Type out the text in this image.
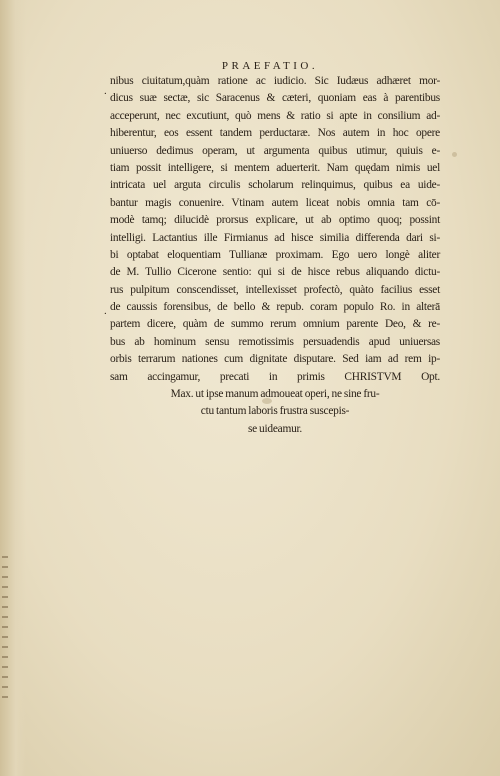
PRAEFATIO.
.
.
nibus ciuitatum,quàm ratione ac iudicio. Sic Iudæus adhæret mor-
dicus suæ sectæ, sic Saracenus & cæteri, quoniam eas à parentibus
acceperunt, nec excutiunt, quò mens & ratio si apte in consilium ad-
hiberentur, eos essent tandem perductaræ. Nos autem in hoc opere
uniuerso dedimus operam, ut argumenta quibus utimur, quiuis e-
tiam possit intelligere, si mentem aduerterit. Nam quędam nimis uel
intricata uel arguta circulis scholarum relinquimus, quibus ea uide-
bantur magis conuenire. Vtinam autem liceat nobis omnia tam cō-
modè tamq; dilucidè prorsus explicare, ut ab optimo quoq; possint
intelligi. Lactantius ille Firmianus ad hisce similia differenda dari si-
bi optabat eloquentiam Tullianæ proximam. Ego uero longè aliter
de M. Tullio Cicerone sentio: qui si de hisce rebus aliquando dictu-
rus pulpitum conscendisset, intellexisset profectò, quàto facilius esset
de caussis forensibus, de bello & repub. coram populo Ro. in alterā
partem dicere, quàm de summo rerum omnium parente Deo, & re-
bus ab hominum sensu remotissimis persuadendis apud uniuersas
orbis terrarum nationes cum dignitate disputare. Sed iam ad rem ip-
sam accingamur, precati in primis CHRISTVM Opt.
Max. ut ipse manum admoueat operi, ne sine fru-
ctu tantum laboris frustra suscepis-
se uideamur.
